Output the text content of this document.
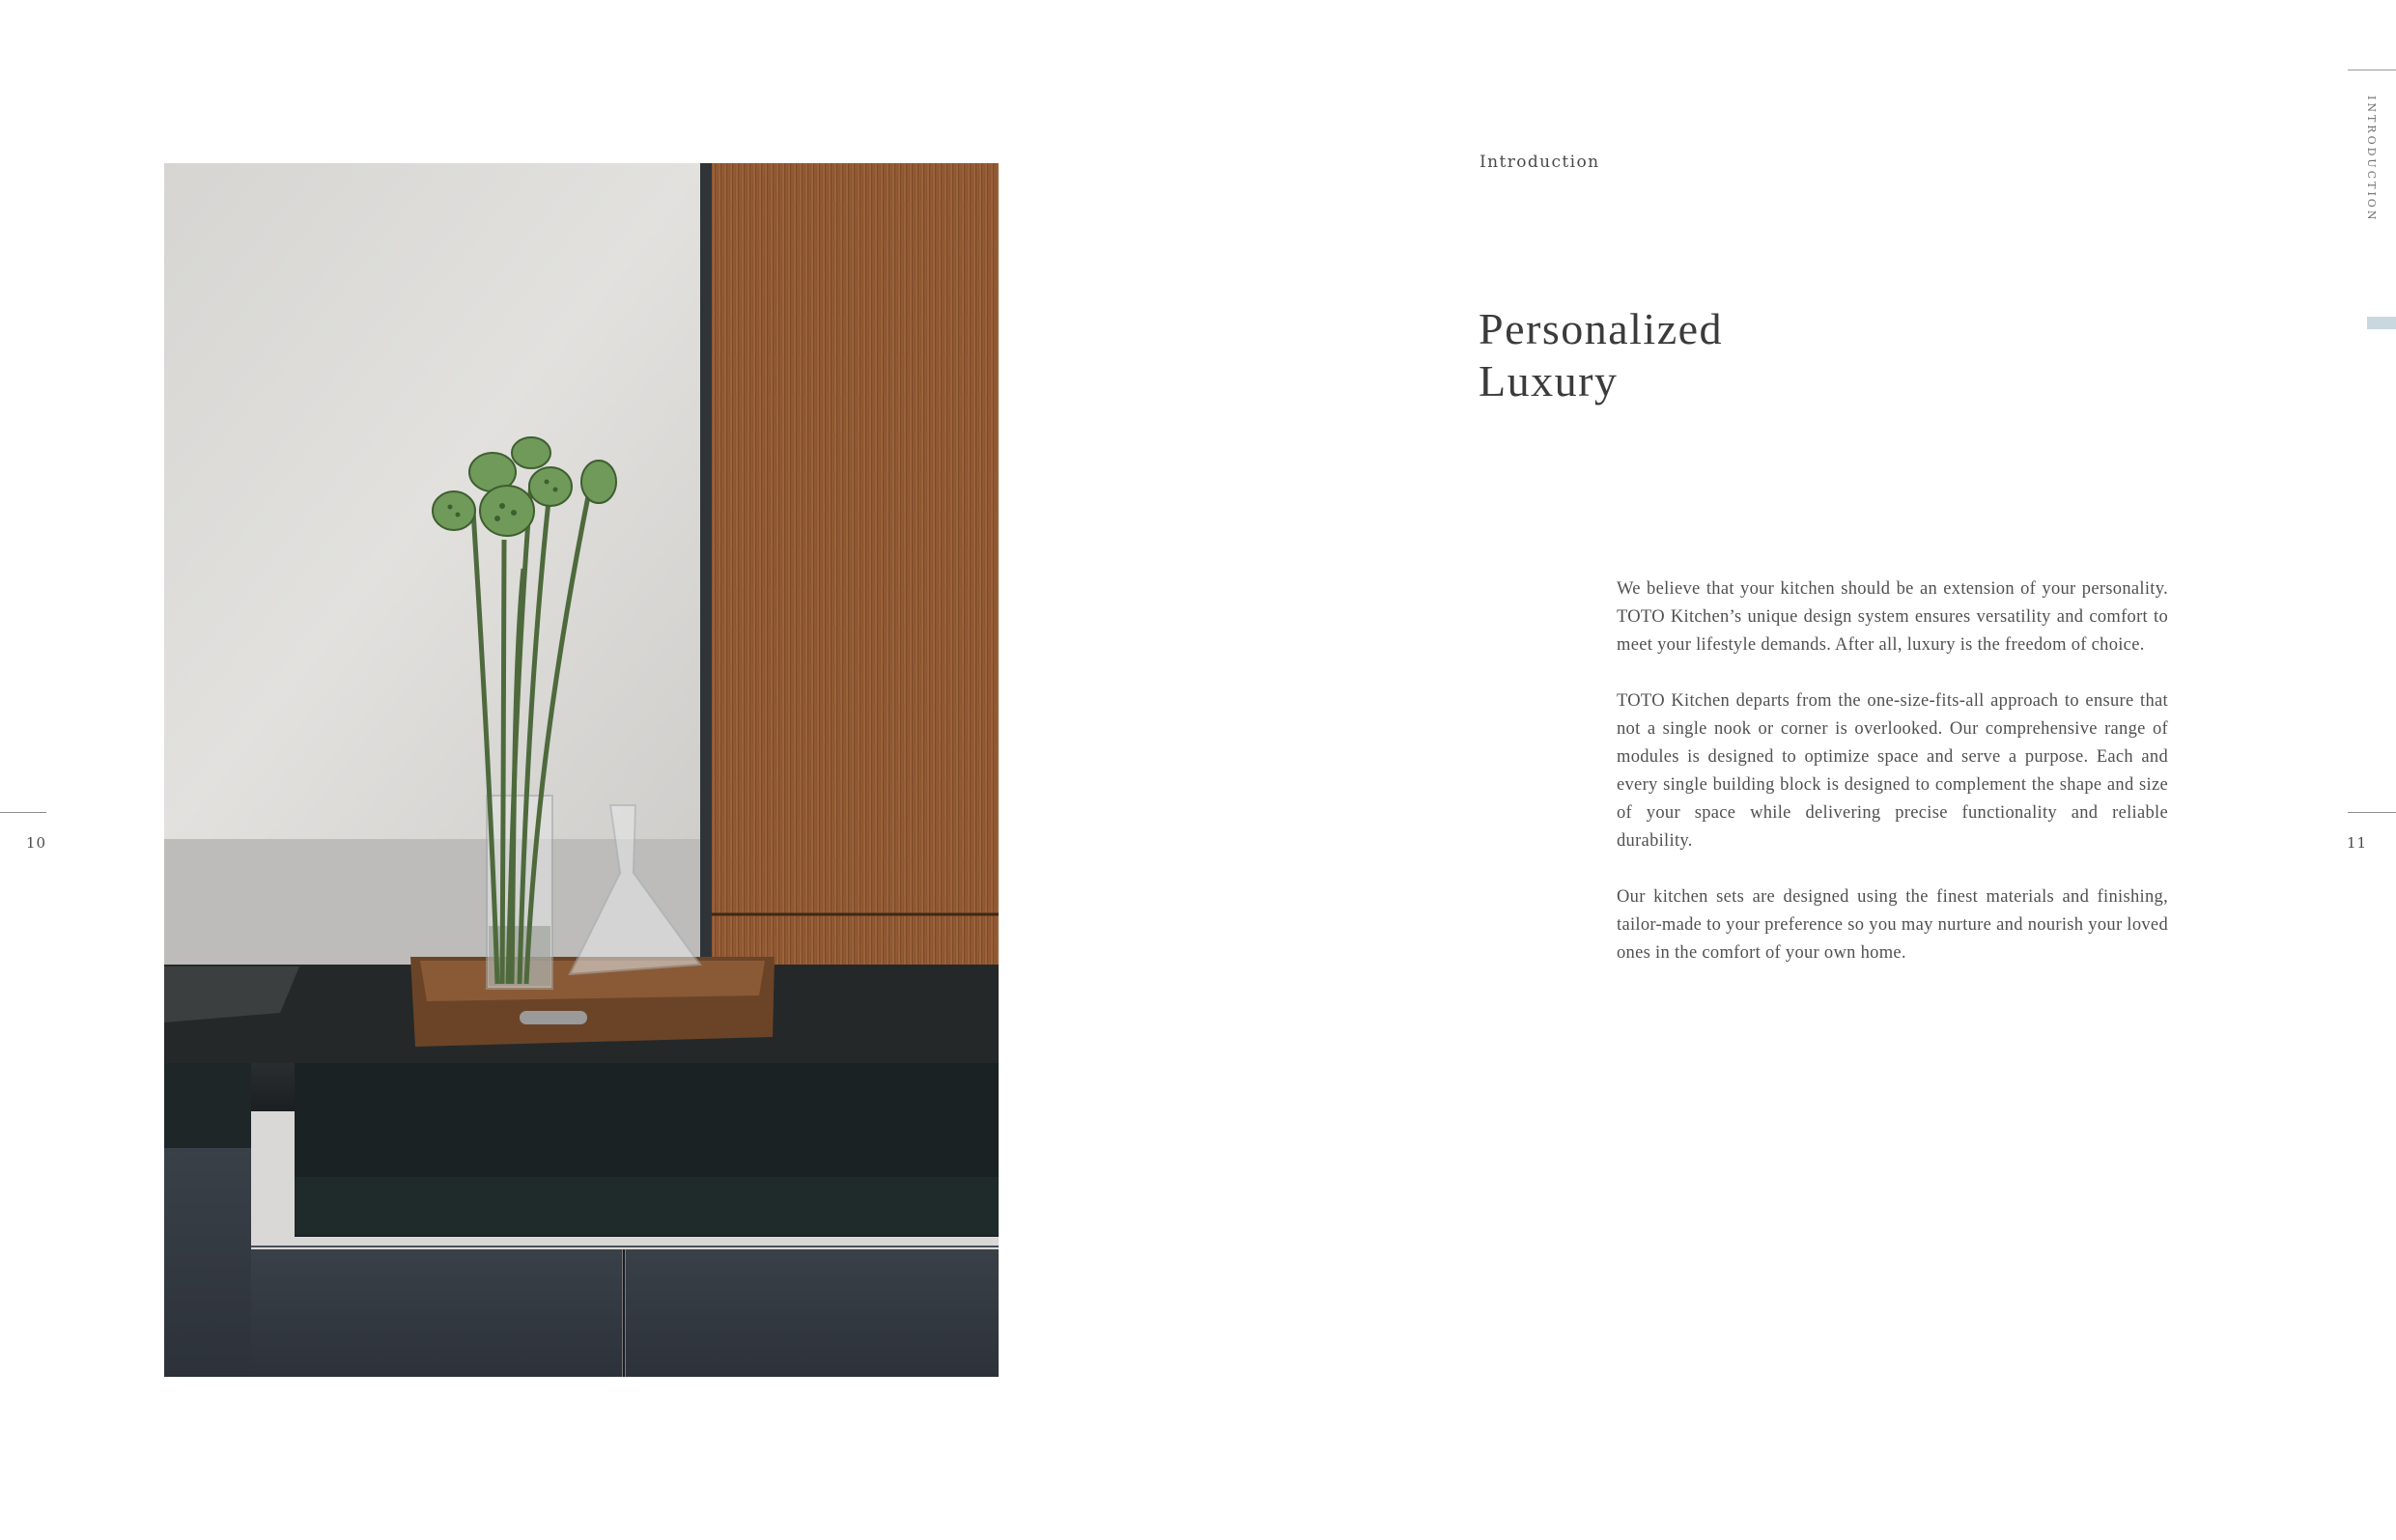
10
Introduction
Personalized
Luxury

We believe that your kitchen should be an extension of your personality. TOTO Kitchen’s unique design system ensures versatility and comfort to meet your lifestyle demands. After all, luxury is the freedom of choice.

TOTO Kitchen departs from the one-size-fits-all approach to ensure that not a single nook or corner is overlooked. Our comprehensive range of modules is designed to optimize space and serve a purpose. Each and every single building block is designed to complement the shape and size of your space while delivering precise functionality and reliable durability.

Our kitchen sets are designed using the finest materials and finishing, tailor-made to your preference so you may nurture and nourish your loved ones in the comfort of your own home.

INTRODUCTION
11
